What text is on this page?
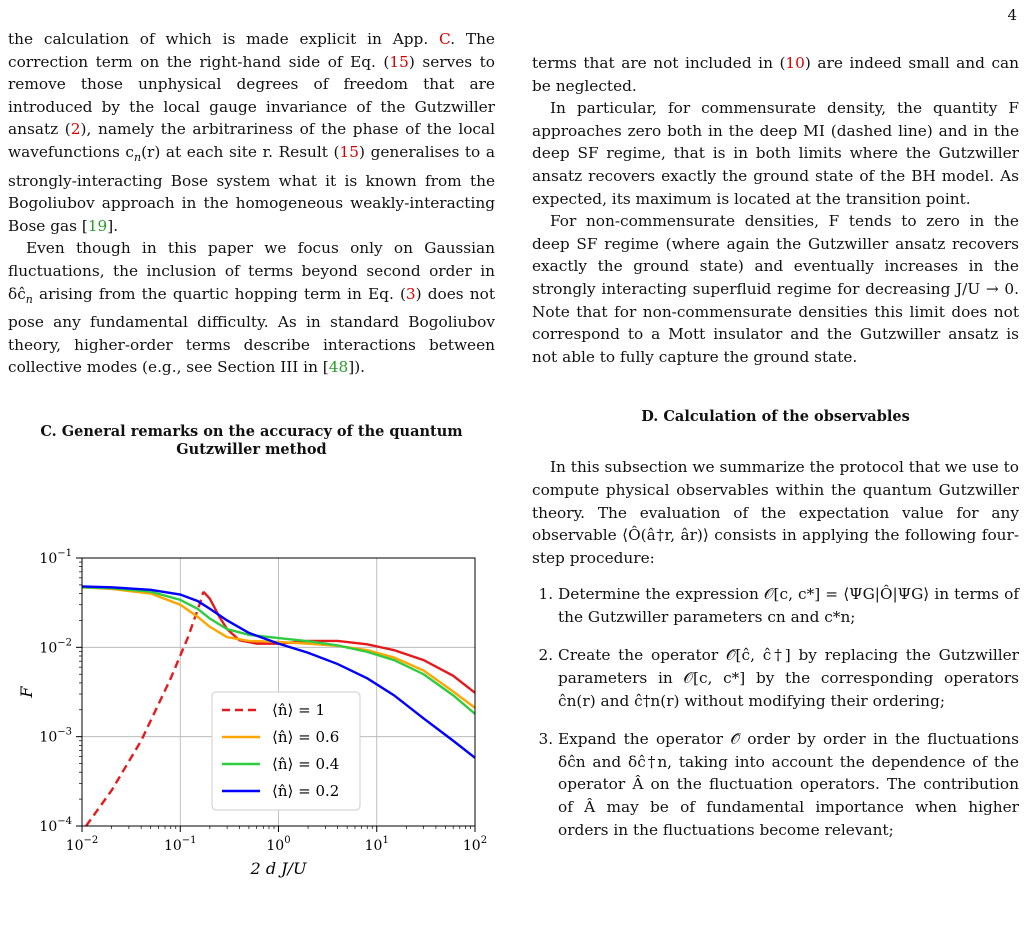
4

the calculation of which is made explicit in App. C. The correction term on the right-hand side of Eq. (15) serves to remove those unphysical degrees of freedom that are introduced by the local gauge invariance of the Gutzwiller ansatz (2), namely the arbitrariness of the phase of the local wavefunctions $c_n(r)$ at each site r. Result (15) generalises to a strongly-interacting Bose system what it is known from the Bogoliubov approach in the homogeneous weakly-interacting Bose gas [19].

Even though in this paper we focus only on Gaussian fluctuations, the inclusion of terms beyond second order in $\delta ĉ_n$ arising from the quartic hopping term in Eq. (3) does not pose any fundamental difficulty. As in standard Bogoliubov theory, higher-order terms describe interactions between collective modes (e.g., see Section III in [48]).

C. General remarks on the accuracy of the quantum Gutzwiller method

$10^{-2}$	$10^{-1}$	$10^0$	$10^1$	$10^2$
$10^{-4}$
$10^{-3}$
$10^{-2}$
$10^{-1}$
2 d J/U
F
⟨n̂⟩ = 1
⟨n̂⟩ = 0.6
⟨n̂⟩ = 0.4
⟨n̂⟩ = 0.2

terms that are not included in (10) are indeed small and can be neglected.

In particular, for commensurate density, the quantity F approaches zero both in the deep MI (dashed line) and in the deep SF regime, that is in both limits where the Gutzwiller ansatz recovers exactly the ground state of the BH model. As expected, its maximum is located at the transition point.

For non-commensurate densities, F tends to zero in the deep SF regime (where again the Gutzwiller ansatz recovers exactly the ground state) and eventually increases in the strongly interacting superfluid regime for decreasing J/U → 0. Note that for non-commensurate densities this limit does not correspond to a Mott insulator and the Gutzwiller ansatz is not able to fully capture the ground state.

D. Calculation of the observables

In this subsection we summarize the protocol that we use to compute physical observables within the quantum Gutzwiller theory. The evaluation of the expectation value for any observable ⟨Ô(â†r, âr)⟩ consists in applying the following four-step procedure:

1. Determine the expression 𝒪[c, c*] = ⟨ΨG|Ô|ΨG⟩ in terms of the Gutzwiller parameters cn and c*n;
2. Create the operator 𝒪̂[ĉ, ĉ†] by replacing the Gutzwiller parameters in 𝒪[c, c*] by the corresponding operators ĉn(r) and ĉ†n(r) without modifying their ordering;
3. Expand the operator 𝒪̂ order by order in the fluctuations δĉn and δĉ†n, taking into account the dependence of the operator Â on the fluctuation operators. The contribution of Â may be of fundamental importance when higher orders in the fluctuations become relevant;
